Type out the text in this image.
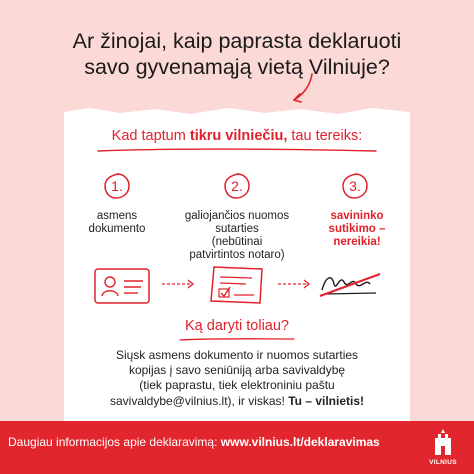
Ar žinojai, kaip paprasta deklaruoti
savo gyvenamąją vietą Vilniuje?
Kad taptum tikru vilniečiu, tau tereiks:
1.
asmens
dokumento
2.
galiojančios nuomos
sutarties
(nebūtinai
patvirtintos notaro)
3.
savininko
sutikimo –
nereikia!
Ką daryti toliau?
Siųsk asmens dokumento ir nuomos sutarties
kopijas į savo seniūniją arba savivaldybę
(tiek paprastu, tiek elektroniniu paštu
savivaldybe@vilnius.lt), ir viskas! Tu – vilnietis!
Daugiau informacijos apie deklaravimą: www.vilnius.lt/deklaravimas
VILNIUS
